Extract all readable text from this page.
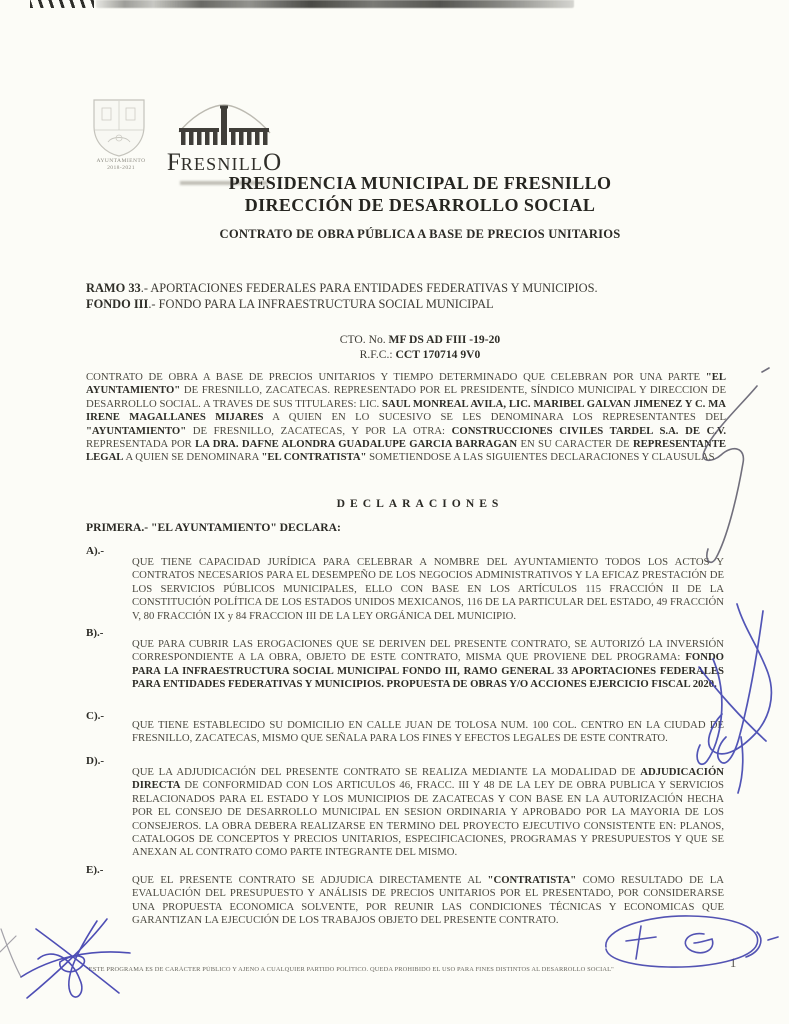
AYUNTAMIENTO
2018-2021	FRESNILLO
PRESIDENCIA MUNICIPAL DE FRESNILLO
DIRECCIÓN DE DESARROLLO SOCIAL
CONTRATO DE OBRA PÚBLICA A BASE DE PRECIOS UNITARIOS
RAMO 33.- APORTACIONES FEDERALES PARA ENTIDADES FEDERATIVAS Y MUNICIPIOS.
FONDO III.- FONDO PARA LA INFRAESTRUCTURA SOCIAL MUNICIPAL
CTO. No. MF DS AD FIII -19-20
R.F.C.: CCT 170714 9V0
CONTRATO DE OBRA A BASE DE PRECIOS UNITARIOS Y TIEMPO DETERMINADO QUE CELEBRAN POR UNA PARTE "EL AYUNTAMIENTO" DE FRESNILLO, ZACATECAS. REPRESENTADO POR EL PRESIDENTE, SÍNDICO MUNICIPAL Y DIRECCION DE DESARROLLO SOCIAL. A TRAVES DE SUS TITULARES: LIC. SAUL MONREAL AVILA, LIC. MARIBEL GALVAN JIMENEZ Y C. MA IRENE MAGALLANES MIJARES A QUIEN EN LO SUCESIVO SE LES DENOMINARA LOS REPRESENTANTES DEL "AYUNTAMIENTO" DE FRESNILLO, ZACATECAS, Y POR LA OTRA: CONSTRUCCIONES CIVILES TARDEL S.A. DE C.V. REPRESENTADA POR LA DRA. DAFNE ALONDRA GUADALUPE GARCIA BARRAGAN EN SU CARACTER DE REPRESENTANTE LEGAL A QUIEN SE DENOMINARA "EL CONTRATISTA" SOMETIENDOSE A LAS SIGUIENTES DECLARACIONES Y CLAUSULAS
DECLARACIONES
PRIMERA.- "EL AYUNTAMIENTO" DECLARA:
A).-
QUE TIENE CAPACIDAD JURÍDICA PARA CELEBRAR A NOMBRE DEL AYUNTAMIENTO TODOS LOS ACTOS Y CONTRATOS NECESARIOS PARA EL DESEMPEÑO DE LOS NEGOCIOS ADMINISTRATIVOS Y LA EFICAZ PRESTACIÓN DE LOS SERVICIOS PÚBLICOS MUNICIPALES, ELLO CON BASE EN LOS ARTÍCULOS 115 FRACCIÓN II DE LA CONSTITUCIÓN POLÍTICA DE LOS ESTADOS UNIDOS MEXICANOS, 116 DE LA PARTICULAR DEL ESTADO, 49 FRACCIÓN V, 80 FRACCIÓN IX y 84 FRACCION III DE LA LEY ORGÁNICA DEL MUNICIPIO.
B).-
QUE PARA CUBRIR LAS EROGACIONES QUE SE DERIVEN DEL PRESENTE CONTRATO, SE AUTORIZÓ LA INVERSIÓN CORRESPONDIENTE A LA OBRA, OBJETO DE ESTE CONTRATO, MISMA QUE PROVIENE DEL PROGRAMA: FONDO PARA LA INFRAESTRUCTURA SOCIAL MUNICIPAL FONDO III, RAMO GENERAL 33 APORTACIONES FEDERALES PARA ENTIDADES FEDERATIVAS Y MUNICIPIOS. PROPUESTA DE OBRAS Y/O ACCIONES EJERCICIO FISCAL 2020.
C).-
QUE TIENE ESTABLECIDO SU DOMICILIO EN CALLE JUAN DE TOLOSA NUM. 100 COL. CENTRO EN LA CIUDAD DE FRESNILLO, ZACATECAS, MISMO QUE SEÑALA PARA LOS FINES Y EFECTOS LEGALES DE ESTE CONTRATO.
D).-
QUE LA ADJUDICACIÓN DEL PRESENTE CONTRATO SE REALIZA MEDIANTE LA MODALIDAD DE ADJUDICACIÓN DIRECTA DE CONFORMIDAD CON LOS ARTICULOS 46, FRACC. III Y 48 DE LA LEY DE OBRA PUBLICA Y SERVICIOS RELACIONADOS PARA EL ESTADO Y LOS MUNICIPIOS DE ZACATECAS Y CON BASE EN LA AUTORIZACIÓN HECHA POR EL CONSEJO DE DESARROLLO MUNICIPAL EN SESION ORDINARIA Y APROBADO POR LA MAYORIA DE LOS CONSEJEROS. LA OBRA DEBERA REALIZARSE EN TERMINO DEL PROYECTO EJECUTIVO CONSISTENTE EN: PLANOS, CATALOGOS DE CONCEPTOS Y PRECIOS UNITARIOS, ESPECIFICACIONES, PROGRAMAS Y PRESUPUESTOS Y QUE SE ANEXAN AL CONTRATO COMO PARTE INTEGRANTE DEL MISMO.
E).-
QUE EL PRESENTE CONTRATO SE ADJUDICA DIRECTAMENTE AL "CONTRATISTA" COMO RESULTADO DE LA EVALUACIÓN DEL PRESUPUESTO Y ANÁLISIS DE PRECIOS UNITARIOS POR EL PRESENTADO, POR CONSIDERARSE UNA PROPUESTA ECONOMICA SOLVENTE, POR REUNIR LAS CONDICIONES TÉCNICAS Y ECONOMICAS QUE GARANTIZAN LA EJECUCIÓN DE LOS TRABAJOS OBJETO DEL PRESENTE CONTRATO.
"ESTE PROGRAMA ES DE CARÁCTER PÚBLICO Y AJENO A CUALQUIER PARTIDO POLÍTICO. QUEDA PROHIBIDO EL USO PARA FINES DISTINTOS AL DESARROLLO SOCIAL"	1
